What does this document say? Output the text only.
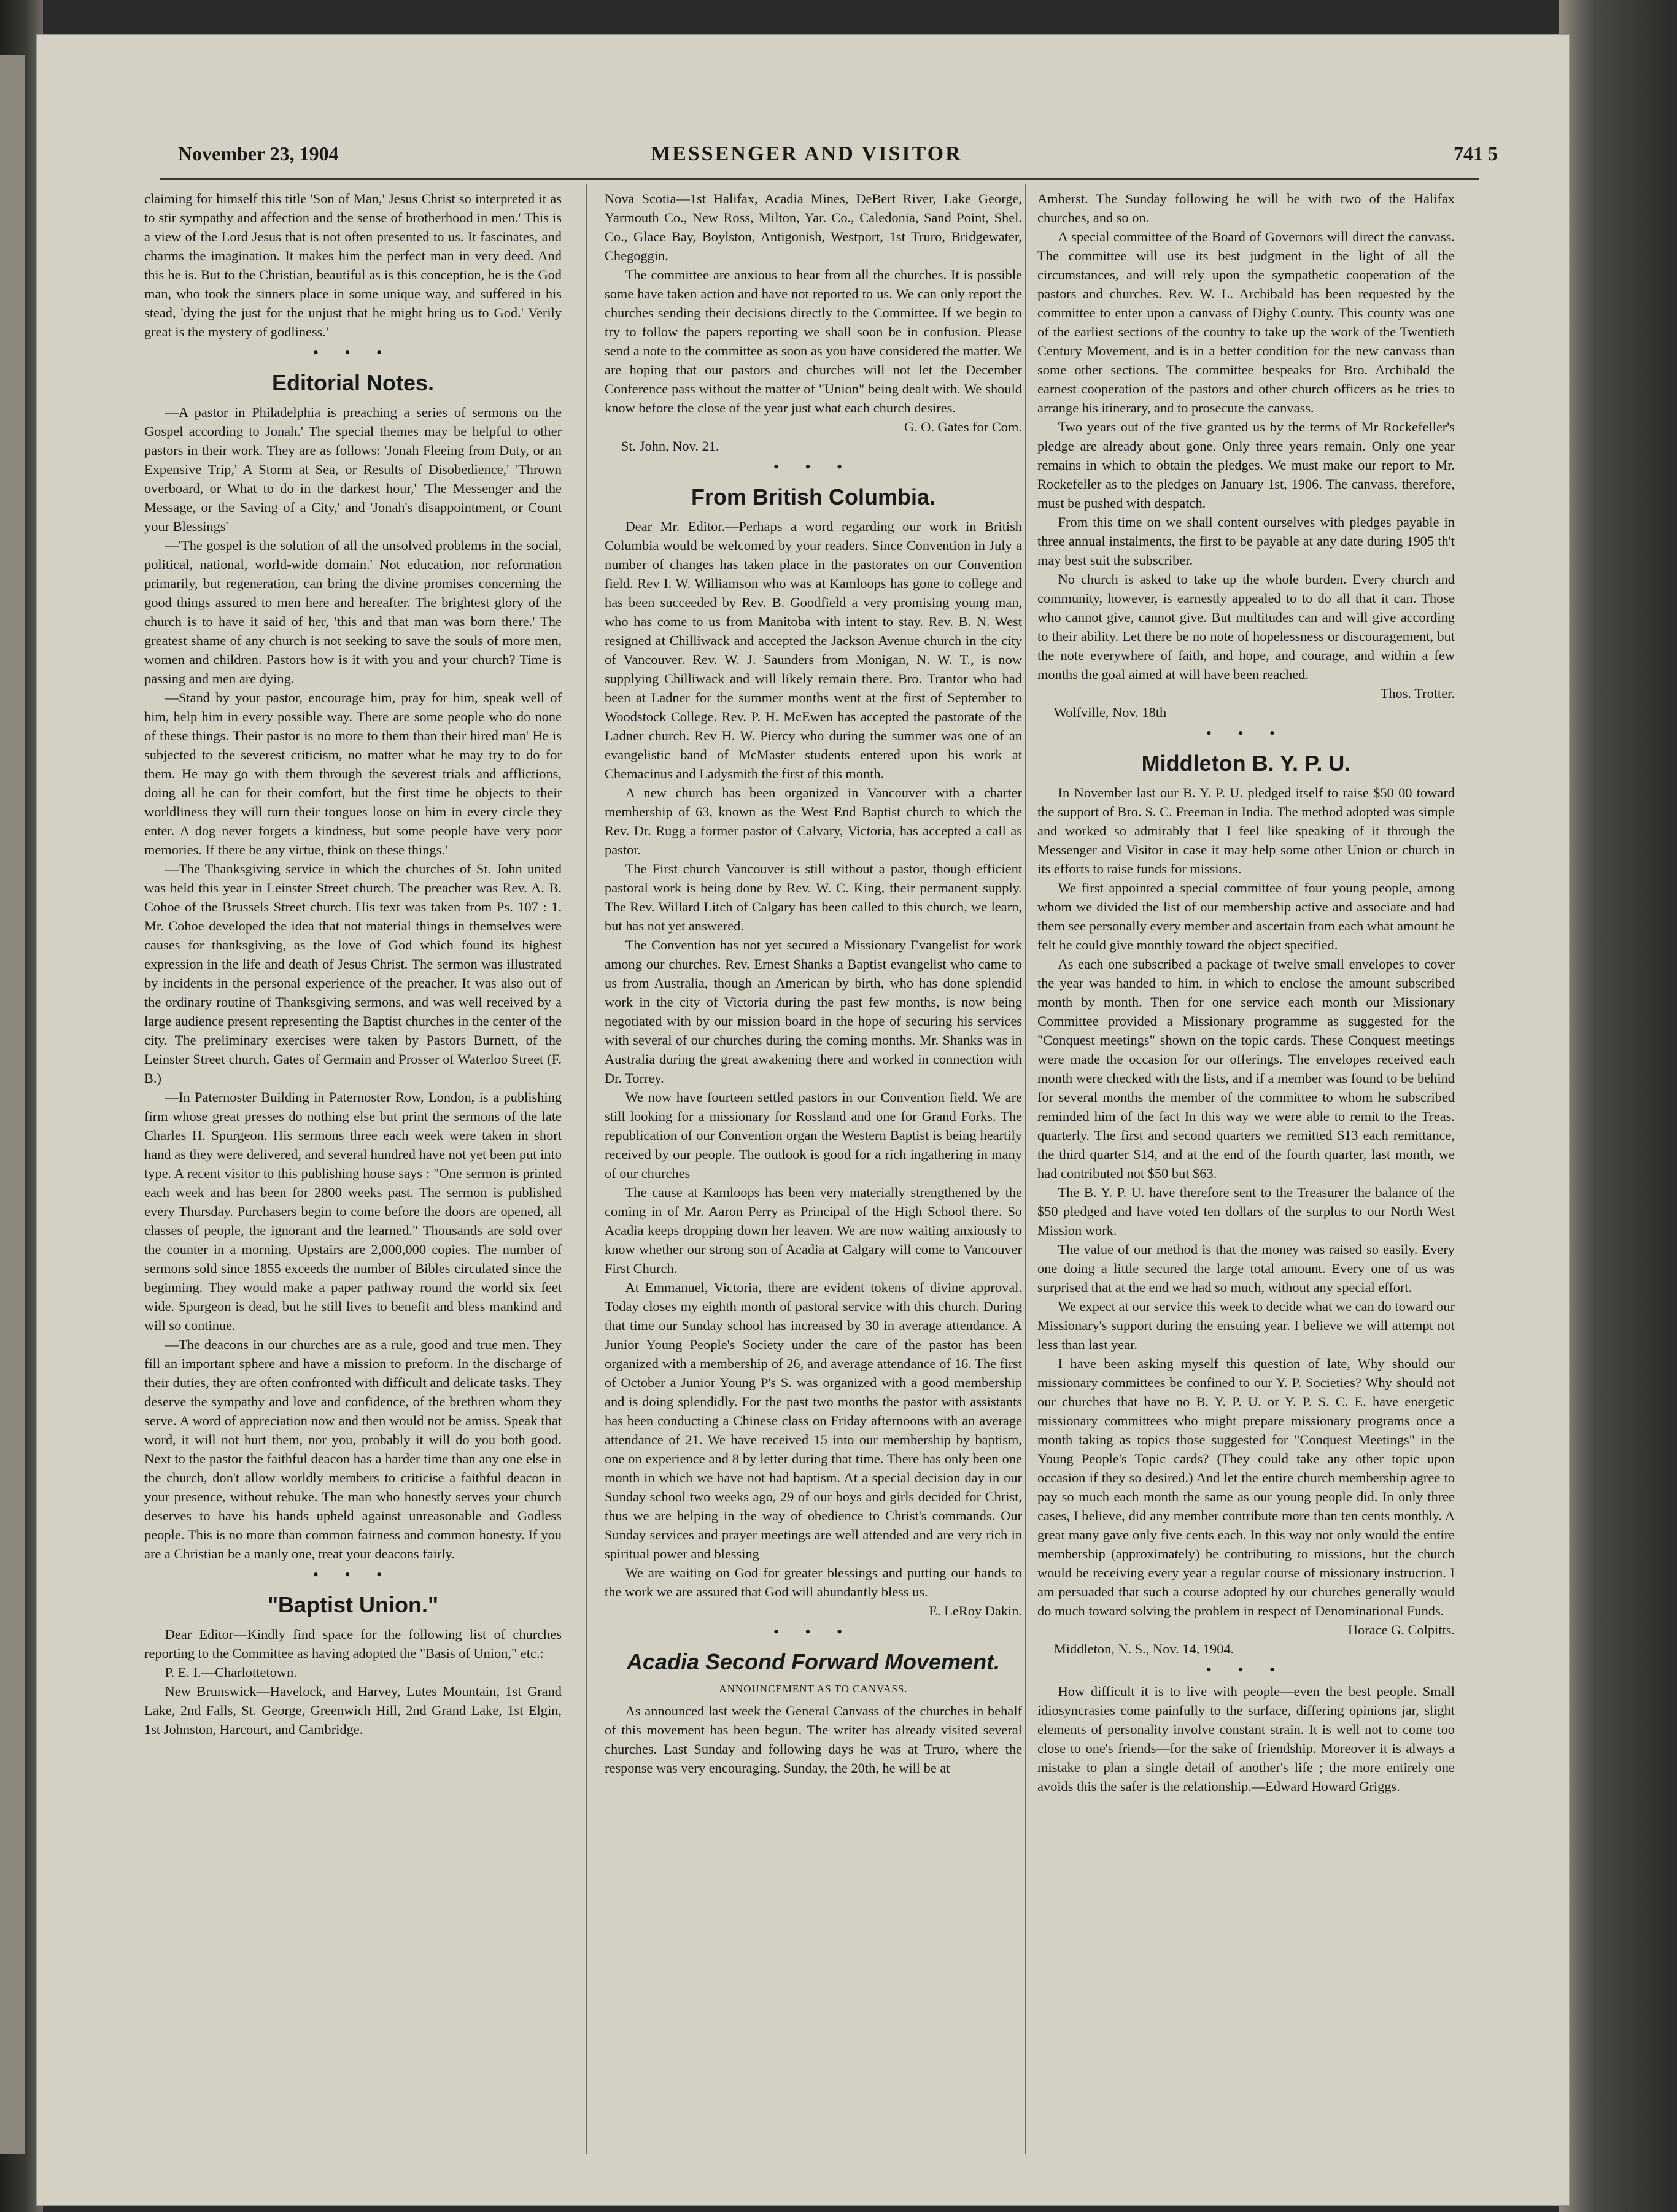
November 23, 1904	MESSENGER AND VISITOR	741 5

claiming for himself this title 'Son of Man,' Jesus Christ so interpreted it as to stir sympathy and affection and the sense of brotherhood in men.' This is a view of the Lord Jesus that is not often presented to us. It fascinates, and charms the imagination. It makes him the perfect man in very deed. And this he is. But to the Christian, beautiful as is this conception, he is the God man, who took the sinners place in some unique way, and suffered in his stead, 'dying the just for the unjust that he might bring us to God.' Verily great is the mystery of godliness.'

• • •
Editorial Notes.

—A pastor in Philadelphia is preaching a series of sermons on the Gospel according to Jonah.' The special themes may be helpful to other pastors in their work. They are as follows: 'Jonah Fleeing from Duty, or an Expensive Trip,' A Storm at Sea, or Results of Disobedience,' 'Thrown overboard, or What to do in the darkest hour,' 'The Messenger and the Message, or the Saving of a City,' and 'Jonah's disappointment, or Count your Blessings'

—'The gospel is the solution of all the unsolved problems in the social, political, national, world-wide domain.' Not education, nor reformation primarily, but regeneration, can bring the divine promises concerning the good things assured to men here and hereafter. The brightest glory of the church is to have it said of her, 'this and that man was born there.' The greatest shame of any church is not seeking to save the souls of more men, women and children. Pastors how is it with you and your church? Time is passing and men are dying.

—Stand by your pastor, encourage him, pray for him, speak well of him, help him in every possible way. There are some people who do none of these things. Their pastor is no more to them than their hired man' He is subjected to the severest criticism, no matter what he may try to do for them. He may go with them through the severest trials and afflictions, doing all he can for their comfort, but the first time he objects to their worldliness they will turn their tongues loose on him in every circle they enter. A dog never forgets a kindness, but some people have very poor memories. If there be any virtue, think on these things.'

—The Thanksgiving service in which the churches of St. John united was held this year in Leinster Street church. The preacher was Rev. A. B. Cohoe of the Brussels Street church. His text was taken from Ps. 107 : 1. Mr. Cohoe developed the idea that not material things in themselves were causes for thanksgiving, as the love of God which found its highest expression in the life and death of Jesus Christ. The sermon was illustrated by incidents in the personal experience of the preacher. It was also out of the ordinary routine of Thanksgiving sermons, and was well received by a large audience present representing the Baptist churches in the center of the city. The preliminary exercises were taken by Pastors Burnett, of the Leinster Street church, Gates of Germain and Prosser of Waterloo Street (F. B.)

—In Paternoster Building in Paternoster Row, London, is a publishing firm whose great presses do nothing else but print the sermons of the late Charles H. Spurgeon. His sermons three each week were taken in short hand as they were delivered, and several hundred have not yet been put into type. A recent visitor to this publishing house says : "One sermon is printed each week and has been for 2800 weeks past. The sermon is published every Thursday. Purchasers begin to come before the doors are opened, all classes of people, the ignorant and the learned." Thousands are sold over the counter in a morning. Upstairs are 2,000,000 copies. The number of sermons sold since 1855 exceeds the number of Bibles circulated since the beginning. They would make a paper pathway round the world six feet wide. Spurgeon is dead, but he still lives to benefit and bless mankind and will so continue.

—The deacons in our churches are as a rule, good and true men. They fill an important sphere and have a mission to preform. In the discharge of their duties, they are often confronted with difficult and delicate tasks. They deserve the sympathy and love and confidence, of the brethren whom they serve. A word of appreciation now and then would not be amiss. Speak that word, it will not hurt them, nor you, probably it will do you both good. Next to the pastor the faithful deacon has a harder time than any one else in the church, don't allow worldly members to criticise a faithful deacon in your presence, without rebuke. The man who honestly serves your church deserves to have his hands upheld against unreasonable and Godless people. This is no more than common fairness and common honesty. If you are a Christian be a manly one, treat your deacons fairly.

• • •
"Baptist Union."

Dear Editor—Kindly find space for the following list of churches reporting to the Committee as having adopted the "Basis of Union," etc.:

P. E. I.—Charlottetown.

New Brunswick—Havelock, and Harvey, Lutes Mountain, 1st Grand Lake, 2nd Falls, St. George, Greenwich Hill, 2nd Grand Lake, 1st Elgin, 1st Johnston, Harcourt, and Cambridge.

Nova Scotia—1st Halifax, Acadia Mines, DeBert River, Lake George, Yarmouth Co., New Ross, Milton, Yar. Co., Caledonia, Sand Point, Shel. Co., Glace Bay, Boylston, Antigonish, Westport, 1st Truro, Bridgewater, Chegoggin.

The committee are anxious to hear from all the churches. It is possible some have taken action and have not reported to us. We can only report the churches sending their decisions directly to the Committee. If we begin to try to follow the papers reporting we shall soon be in confusion. Please send a note to the committee as soon as you have considered the matter. We are hoping that our pastors and churches will not let the December Conference pass without the matter of "Union" being dealt with. We should know before the close of the year just what each church desires.

G. O. Gates for Com.

St. John, Nov. 21.

• • •
From British Columbia.

Dear Mr. Editor.—Perhaps a word regarding our work in British Columbia would be welcomed by your readers. Since Convention in July a number of changes has taken place in the pastorates on our Convention field. Rev I. W. Williamson who was at Kamloops has gone to college and has been succeeded by Rev. B. Goodfield a very promising young man, who has come to us from Manitoba with intent to stay. Rev. B. N. West resigned at Chilliwack and accepted the Jackson Avenue church in the city of Vancouver. Rev. W. J. Saunders from Monigan, N. W. T., is now supplying Chilliwack and will likely remain there. Bro. Trantor who had been at Ladner for the summer months went at the first of September to Woodstock College. Rev. P. H. McEwen has accepted the pastorate of the Ladner church. Rev H. W. Piercy who during the summer was one of an evangelistic band of McMaster students entered upon his work at Chemacinus and Ladysmith the first of this month.

A new church has been organized in Vancouver with a charter membership of 63, known as the West End Baptist church to which the Rev. Dr. Rugg a former pastor of Calvary, Victoria, has accepted a call as pastor.

The First church Vancouver is still without a pastor, though efficient pastoral work is being done by Rev. W. C. King, their permanent supply. The Rev. Willard Litch of Calgary has been called to this church, we learn, but has not yet answered.

The Convention has not yet secured a Missionary Evangelist for work among our churches. Rev. Ernest Shanks a Baptist evangelist who came to us from Australia, though an American by birth, who has done splendid work in the city of Victoria during the past few months, is now being negotiated with by our mission board in the hope of securing his services with several of our churches during the coming months. Mr. Shanks was in Australia during the great awakening there and worked in connection with Dr. Torrey.

We now have fourteen settled pastors in our Convention field. We are still looking for a missionary for Rossland and one for Grand Forks. The republication of our Convention organ the Western Baptist is being heartily received by our people. The outlook is good for a rich ingathering in many of our churches

The cause at Kamloops has been very materially strengthened by the coming in of Mr. Aaron Perry as Principal of the High School there. So Acadia keeps dropping down her leaven. We are now waiting anxiously to know whether our strong son of Acadia at Calgary will come to Vancouver First Church.

At Emmanuel, Victoria, there are evident tokens of divine approval. Today closes my eighth month of pastoral service with this church. During that time our Sunday school has increased by 30 in average attendance. A Junior Young People's Society under the care of the pastor has been organized with a membership of 26, and average attendance of 16. The first of October a Junior Young P's S. was organized with a good membership and is doing splendidly. For the past two months the pastor with assistants has been conducting a Chinese class on Friday afternoons with an average attendance of 21. We have received 15 into our membership by baptism, one on experience and 8 by letter during that time. There has only been one month in which we have not had baptism. At a special decision day in our Sunday school two weeks ago, 29 of our boys and girls decided for Christ, thus we are helping in the way of obedience to Christ's commands. Our Sunday services and prayer meetings are well attended and are very rich in spiritual power and blessing

We are waiting on God for greater blessings and putting our hands to the work we are assured that God will abundantly bless us.

E. LeRoy Dakin.

• • •
Acadia Second Forward Movement.
ANNOUNCEMENT AS TO CANVASS.

As announced last week the General Canvass of the churches in behalf of this movement has been begun. The writer has already visited several churches. Last Sunday and following days he was at Truro, where the response was very encouraging. Sunday, the 20th, he will be at

Amherst. The Sunday following he will be with two of the Halifax churches, and so on.

A special committee of the Board of Governors will direct the canvass. The committee will use its best judgment in the light of all the circumstances, and will rely upon the sympathetic cooperation of the pastors and churches. Rev. W. L. Archibald has been requested by the committee to enter upon a canvass of Digby County. This county was one of the earliest sections of the country to take up the work of the Twentieth Century Movement, and is in a better condition for the new canvass than some other sections. The committee bespeaks for Bro. Archibald the earnest cooperation of the pastors and other church officers as he tries to arrange his itinerary, and to prosecute the canvass.

Two years out of the five granted us by the terms of Mr Rockefeller's pledge are already about gone. Only three years remain. Only one year remains in which to obtain the pledges. We must make our report to Mr. Rockefeller as to the pledges on January 1st, 1906. The canvass, therefore, must be pushed with despatch.

From this time on we shall content ourselves with pledges payable in three annual instalments, the first to be payable at any date during 1905 th't may best suit the subscriber.

No church is asked to take up the whole burden. Every church and community, however, is earnestly appealed to to do all that it can. Those who cannot give, cannot give. But multitudes can and will give according to their ability. Let there be no note of hopelessness or discouragement, but the note everywhere of faith, and hope, and courage, and within a few months the goal aimed at will have been reached.

Thos. Trotter.

Wolfville, Nov. 18th

• • •
Middleton B. Y. P. U.

In November last our B. Y. P. U. pledged itself to raise $50 00 toward the support of Bro. S. C. Freeman in India. The method adopted was simple and worked so admirably that I feel like speaking of it through the Messenger and Visitor in case it may help some other Union or church in its efforts to raise funds for missions.

We first appointed a special committee of four young people, among whom we divided the list of our membership active and associate and had them see personally every member and ascertain from each what amount he felt he could give monthly toward the object specified.

As each one subscribed a package of twelve small envelopes to cover the year was handed to him, in which to enclose the amount subscribed month by month. Then for one service each month our Missionary Committee provided a Missionary programme as suggested for the "Conquest meetings" shown on the topic cards. These Conquest meetings were made the occasion for our offerings. The envelopes received each month were checked with the lists, and if a member was found to be behind for several months the member of the committee to whom he subscribed reminded him of the fact In this way we were able to remit to the Treas. quarterly. The first and second quarters we remitted $13 each remittance, the third quarter $14, and at the end of the fourth quarter, last month, we had contributed not $50 but $63.

The B. Y. P. U. have therefore sent to the Treasurer the balance of the $50 pledged and have voted ten dollars of the surplus to our North West Mission work.

The value of our method is that the money was raised so easily. Every one doing a little secured the large total amount. Every one of us was surprised that at the end we had so much, without any special effort.

We expect at our service this week to decide what we can do toward our Missionary's support during the ensuing year. I believe we will attempt not less than last year.

I have been asking myself this question of late, Why should our missionary committees be confined to our Y. P. Societies? Why should not our churches that have no B. Y. P. U. or Y. P. S. C. E. have energetic missionary committees who might prepare missionary programs once a month taking as topics those suggested for "Conquest Meetings" in the Young People's Topic cards? (They could take any other topic upon occasion if they so desired.) And let the entire church membership agree to pay so much each month the same as our young people did. In only three cases, I believe, did any member contribute more than ten cents monthly. A great many gave only five cents each. In this way not only would the entire membership (approximately) be contributing to missions, but the church would be receiving every year a regular course of missionary instruction. I am persuaded that such a course adopted by our churches generally would do much toward solving the problem in respect of Denominational Funds.

Horace G. Colpitts.

Middleton, N. S., Nov. 14, 1904.

• • •

How difficult it is to live with people—even the best people. Small idiosyncrasies come painfully to the surface, differing opinions jar, slight elements of personality involve constant strain. It is well not to come too close to one's friends—for the sake of friendship. Moreover it is always a mistake to plan a single detail of another's life ; the more entirely one avoids this the safer is the relationship.—Edward Howard Griggs.
